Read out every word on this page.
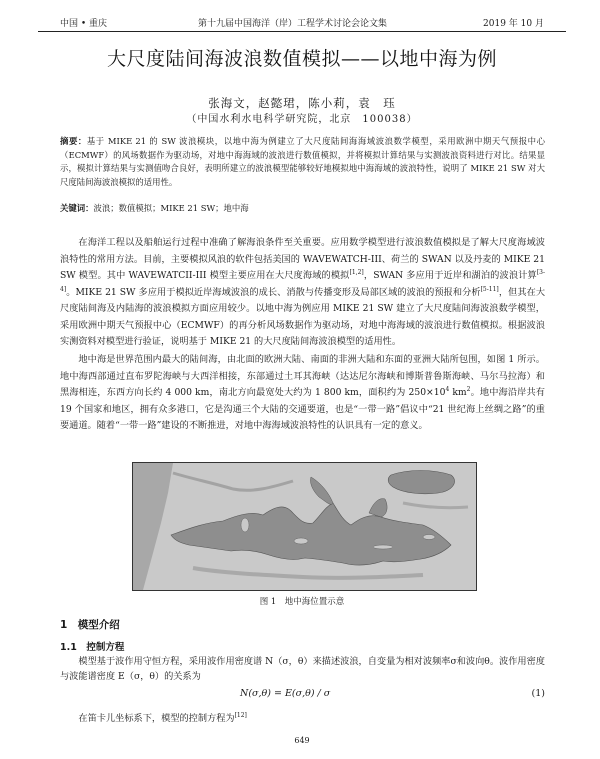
中国 • 重庆	第十九届中国海洋（岸）工程学术讨论会论文集	2019 年 10 月
大尺度陆间海波浪数值模拟——以地中海为例
张海文，赵懿珺，陈小莉，袁　珏
（中国水利水电科学研究院，北京　100038）

摘要：基于 MIKE 21 的 SW 波浪模块，以地中海为例建立了大尺度陆间海海域波浪数学模型，采用欧洲中期天气预报中心（ECMWF）的风场数据作为驱动场，对地中海海域的波浪进行数值模拟，并将模拟计算结果与实测波浪资料进行对比。结果显示，模拟计算结果与实测值吻合良好，表明所建立的波浪模型能够较好地模拟地中海海域的波浪特性，说明了 MIKE 21 SW 对大尺度陆间海波浪模拟的适用性。

关键词：波浪；数值模拟；MIKE 21 SW；地中海

在海洋工程以及船舶运行过程中准确了解海浪条件至关重要。应用数学模型进行波浪数值模拟是了解大尺度海域波浪特性的常用方法。目前，主要模拟风浪的软件包括美国的 WAVEWATCH-III、荷兰的 SWAN 以及丹麦的 MIKE 21 SW 模型。其中 WAVEWATCII-III 模型主要应用在大尺度海域的模拟[1,2]，SWAN 多应用于近岸和湖泊的波浪计算[3-4]。MIKE 21 SW 多应用于模拟近岸海域波浪的成长、消散与传播变形及局部区域的波浪的预报和分析[5-11]，但其在大尺度陆间海及内陆海的波浪模拟方面应用较少。以地中海为例应用 MIKE 21 SW 建立了大尺度陆间海波浪数学模型，采用欧洲中期天气预报中心（ECMWF）的再分析风场数据作为驱动场，对地中海海域的波浪进行数值模拟。根据波浪实测资料对模型进行验证，说明基于 MIKE 21 的大尺度陆间海波浪模型的适用性。

地中海是世界范围内最大的陆间海，由北面的欧洲大陆、南面的非洲大陆和东面的亚洲大陆所包围，如图 1 所示。地中海西部通过直布罗陀海峡与大西洋相接，东部通过土耳其海峡（达达尼尔海峡和博斯普鲁斯海峡、马尔马拉海）和黑海相连，东西方向长约 4 000 km，南北方向最宽处大约为 1 800 km，面积约为 $250\times 10^4$ $km^2$。地中海沿岸共有 19 个国家和地区，拥有众多港口，它是沟通三个大陆的交通要道，也是“一带一路”倡议中“21 世纪海上丝绸之路”的重要通道。随着“一带一路”建设的不断推进，对地中海海域波浪特性的认识具有一定的意义。

图 1　地中海位置示意
1　模型介绍
1.1　控制方程

模型基于波作用守恒方程，采用波作用密度谱 N（σ，θ）来描述波浪，自变量为相对波频率σ和波向θ。波作用密度与波能谱密度 E（σ，θ）的关系为

N(σ,θ) = E(σ,θ) / σ	(1)

在笛卡儿坐标系下，模型的控制方程为[12]

649
